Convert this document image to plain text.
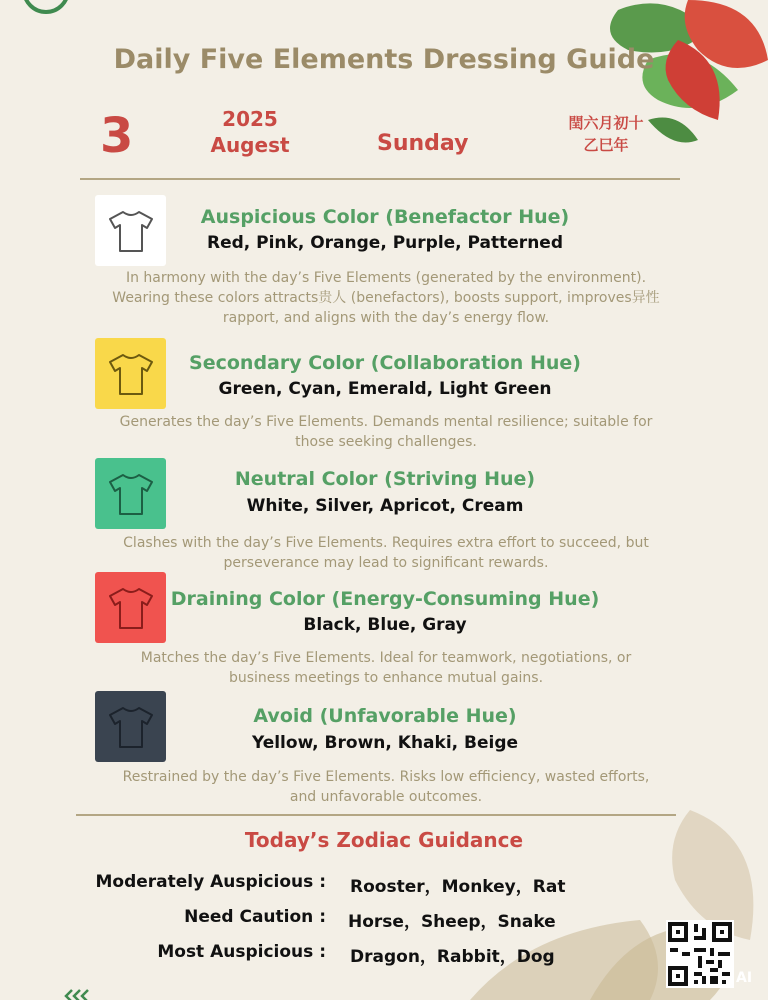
Daily Five Elements Dressing Guide
3	2025
Augest	Sunday
閏六月初十
乙巳年
Auspicious Color (Benefactor Hue)
Red, Pink, Orange, Purple, Patterned
In harmony with the day’s Five Elements (generated by the environment).
Wearing these colors attracts贵人 (benefactors), boosts support, improves异性
rapport, and aligns with the day’s energy flow.
Secondary Color (Collaboration Hue)
Green, Cyan, Emerald, Light Green
Generates the day’s Five Elements. Demands mental resilience; suitable for
those seeking challenges.
Neutral Color (Striving Hue)
White, Silver, Apricot, Cream
Clashes with the day’s Five Elements. Requires extra effort to succeed, but
perseverance may lead to significant rewards.
Draining Color (Energy-Consuming Hue)
Black, Blue, Gray
Matches the day’s Five Elements. Ideal for teamwork, negotiations, or
business meetings to enhance mutual gains.
Avoid (Unfavorable Hue)
Yellow, Brown, Khaki, Beige
Restrained by the day’s Five Elements. Risks low efficiency, wasted efforts,
and unfavorable outcomes.
Today’s Zodiac Guidance
Moderately Auspicious : Rooster，Monkey，Rat
Need Caution : Horse，Sheep，Snake
Most Auspicious : Dragon，Rabbit，Dog
AI
